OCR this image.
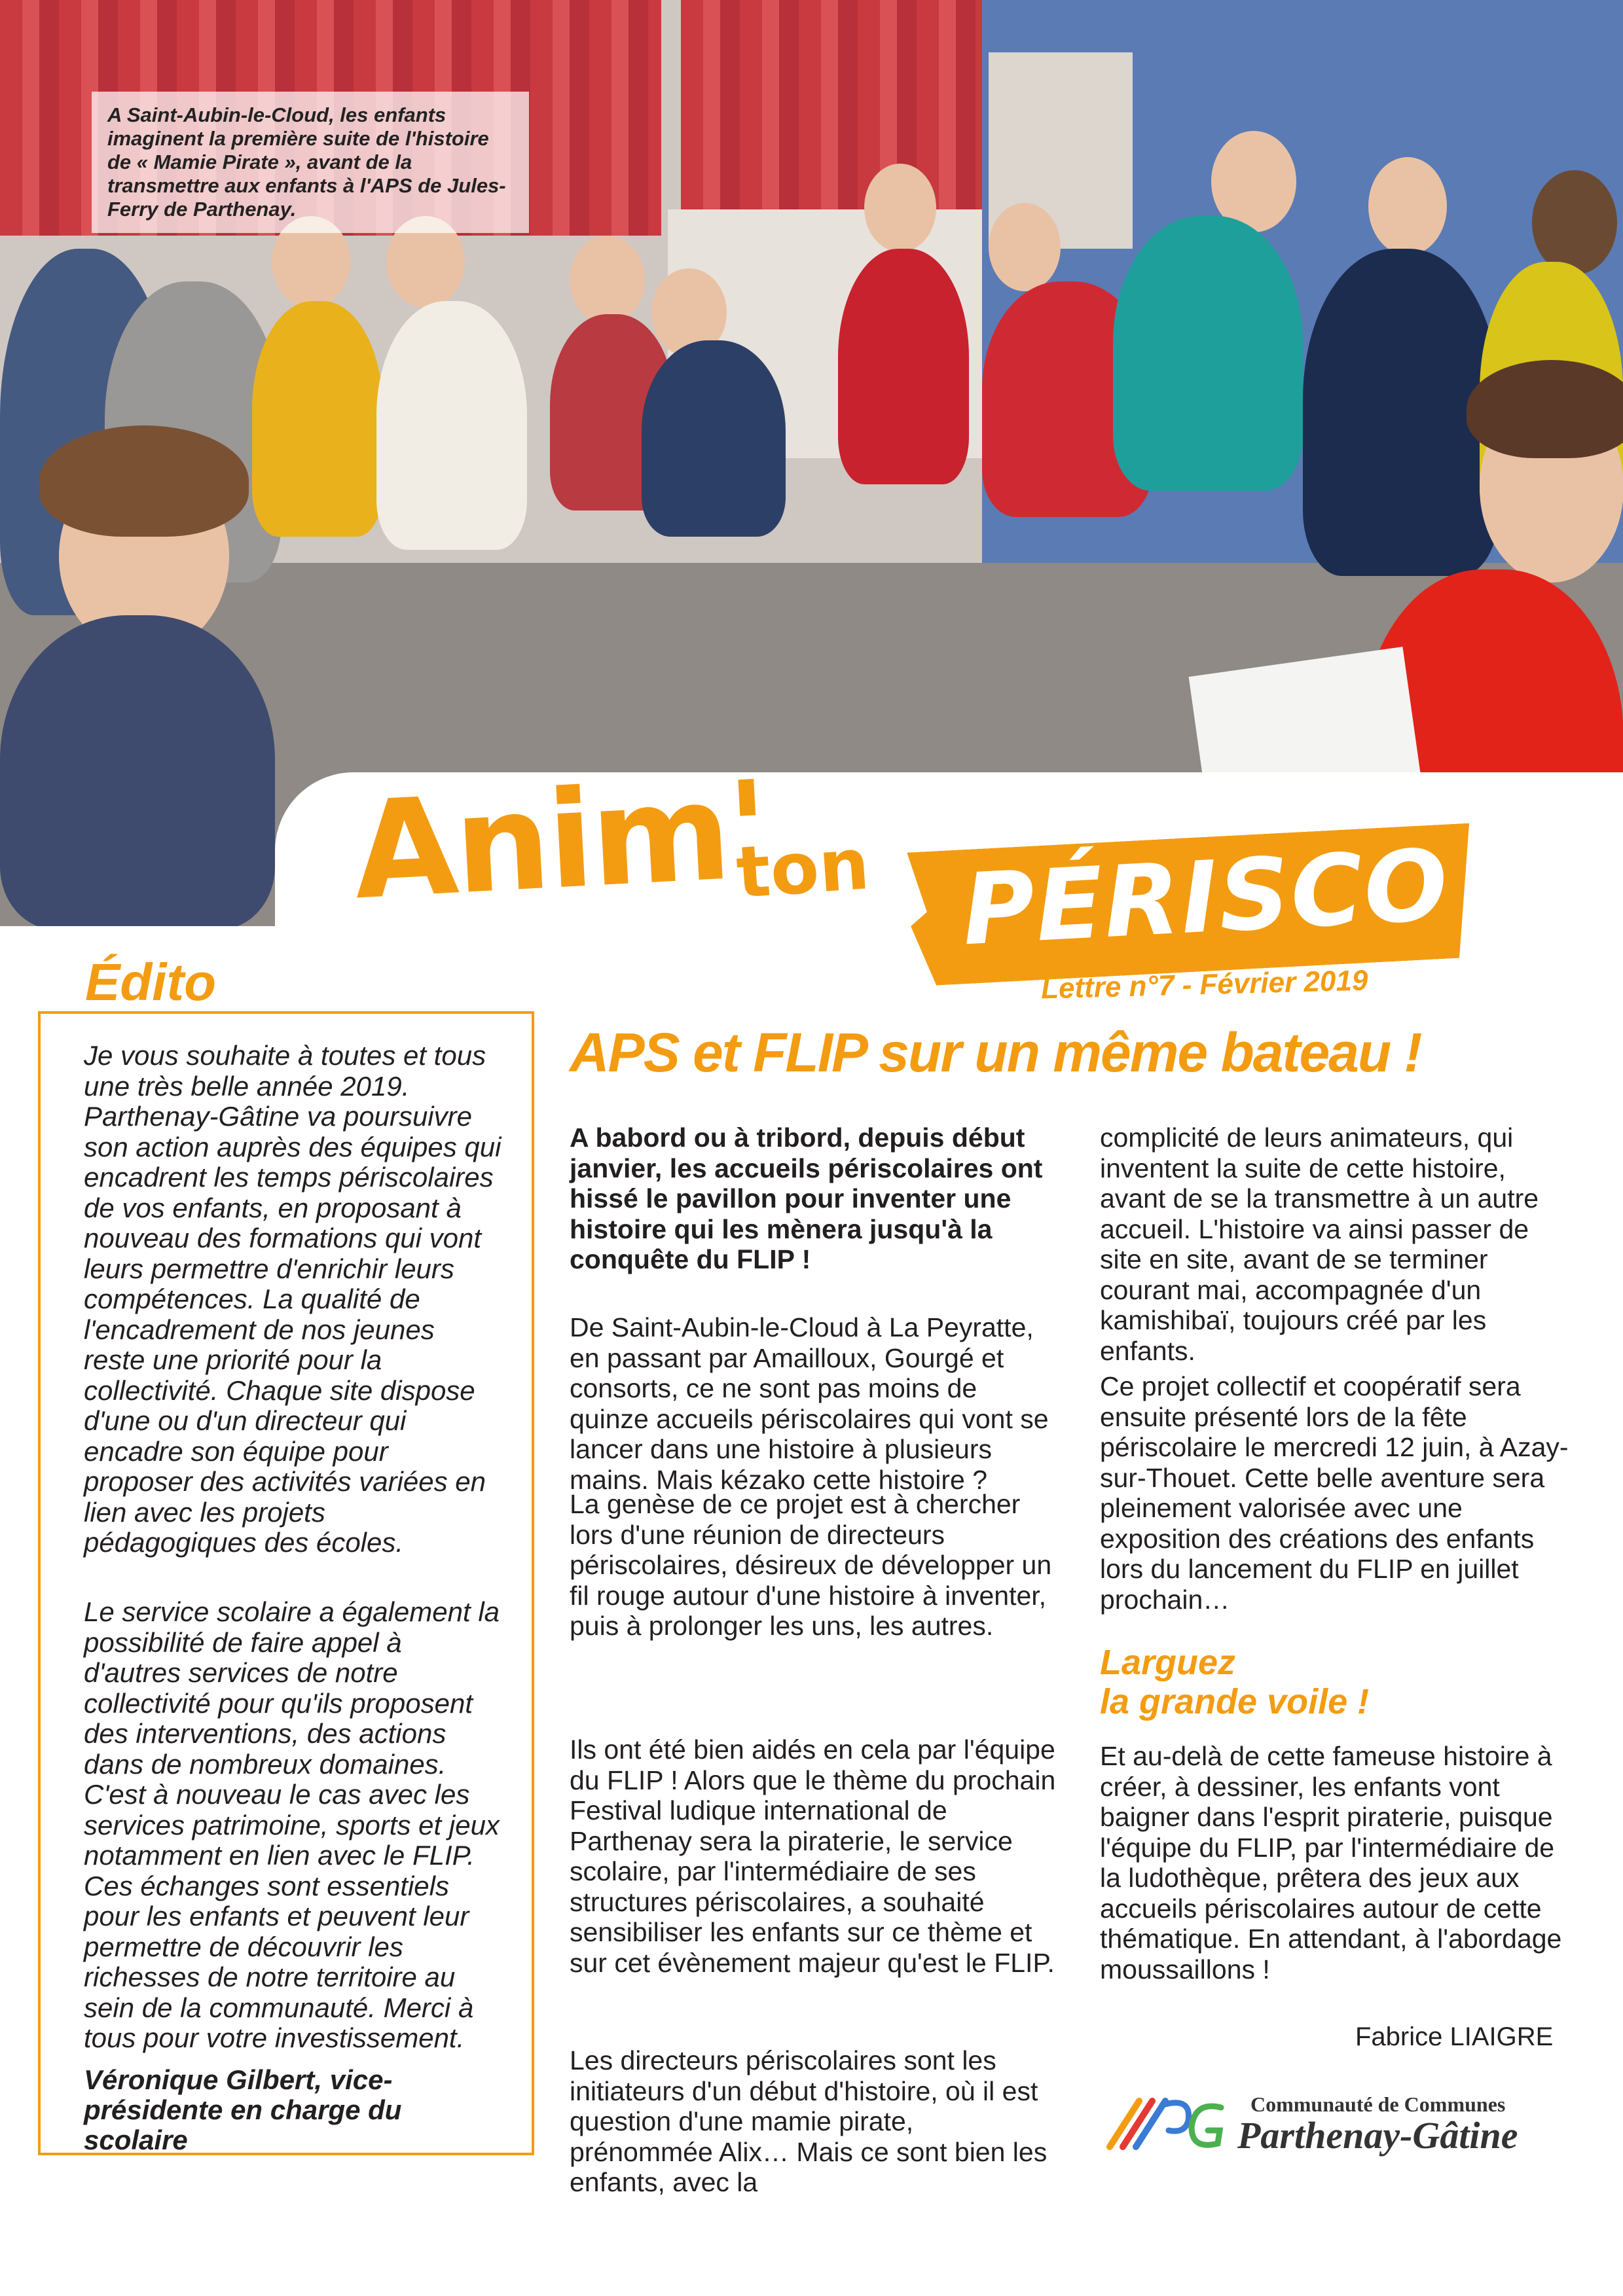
A Saint-Aubin-le-Cloud, les enfants imaginent la première suite de l'histoire de « Mamie Pirate », avant de la transmettre aux enfants à l'APS de Jules-Ferry de Parthenay.
Anim'
ton PÉRISCO
Lettre n°7 - Février 2019
Édito

Je vous souhaite à toutes et tous une très belle année 2019. Parthenay-Gâtine va poursuivre son action auprès des équipes qui encadrent les temps périscolaires de vos enfants, en proposant à nouveau des formations qui vont leurs permettre d'enrichir leurs compétences. La qualité de l'encadrement de nos jeunes reste une priorité pour la collectivité. Chaque site dispose d'une ou d'un directeur qui encadre son équipe pour proposer des activités variées en lien avec les projets pédagogiques des écoles.

Le service scolaire a également la possibilité de faire appel à d'autres services de notre collectivité pour qu'ils proposent des interventions, des actions dans de nombreux domaines. C'est à nouveau le cas avec les services patrimoine, sports et jeux notamment en lien avec le FLIP. Ces échanges sont essentiels pour les enfants et peuvent leur permettre de découvrir les richesses de notre territoire au sein de la communauté. Merci à tous pour votre investissement.

Véronique Gilbert, vice-présidente en charge du scolaire

APS et FLIP sur un même bateau !

A babord ou à tribord, depuis début janvier, les accueils périscolaires ont hissé le pavillon pour inventer une histoire qui les mènera jusqu'à la conquête du FLIP !

De Saint-Aubin-le-Cloud à La Peyratte, en passant par Amailloux, Gourgé et consorts, ce ne sont pas moins de quinze accueils périscolaires qui vont se lancer dans une histoire à plusieurs mains. Mais kézako cette histoire ?

La genèse de ce projet est à chercher lors d'une réunion de directeurs périscolaires, désireux de développer un fil rouge autour d'une histoire à inventer, puis à prolonger les uns, les autres.

Ils ont été bien aidés en cela par l'équipe du FLIP ! Alors que le thème du prochain Festival ludique international de Parthenay sera la piraterie, le service scolaire, par l'intermédiaire de ses structures périscolaires, a souhaité sensibiliser les enfants sur ce thème et sur cet évènement majeur qu'est le FLIP.

Les directeurs périscolaires sont les initiateurs d'un début d'histoire, où il est question d'une mamie pirate, prénommée Alix… Mais ce sont bien les enfants, avec la

complicité de leurs animateurs, qui inventent la suite de cette histoire, avant de se la transmettre à un autre accueil. L'histoire va ainsi passer de site en site, avant de se terminer courant mai, accompagnée d'un kamishibaï, toujours créé par les enfants.

Ce projet collectif et coopératif sera ensuite présenté lors de la fête périscolaire le mercredi 12 juin, à Azay-sur-Thouet. Cette belle aventure sera pleinement valorisée avec une exposition des créations des enfants lors du lancement du FLIP en juillet prochain…

Larguez
la grande voile !

Et au-delà de cette fameuse histoire à créer, à dessiner, les enfants vont baigner dans l'esprit piraterie, puisque l'équipe du FLIP, par l'intermédiaire de la ludothèque, prêtera des jeux aux accueils périscolaires autour de cette thématique. En attendant, à l'abordage moussaillons !

Fabrice LIAIGRE
Communauté de Communes
Parthenay-Gâtine
